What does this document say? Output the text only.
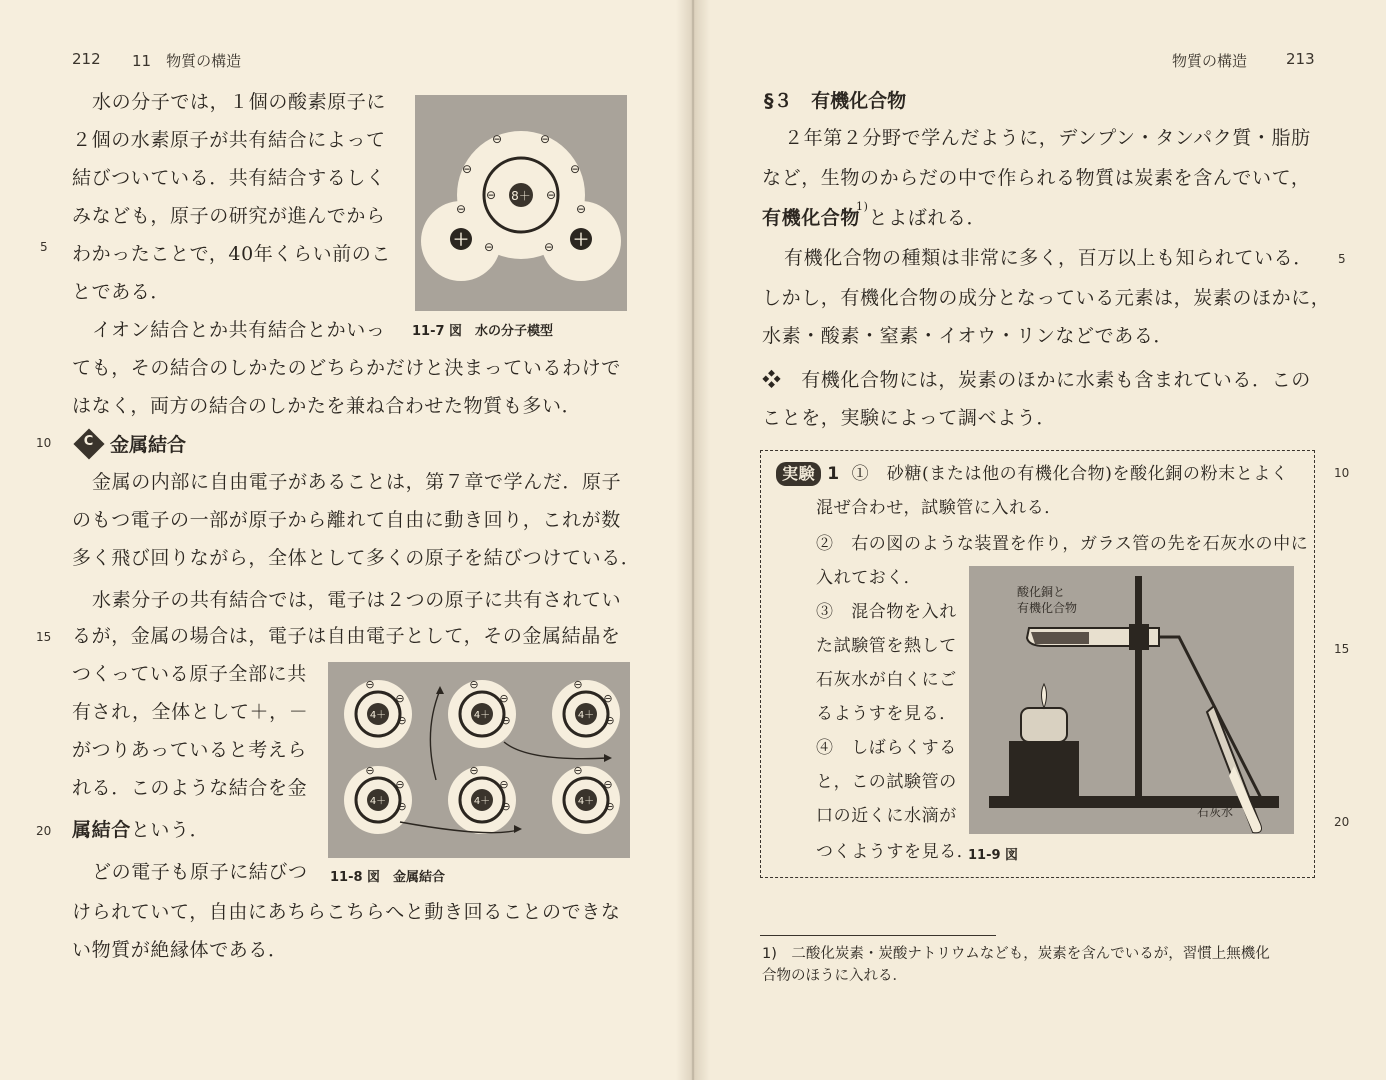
212 11　物質の構造
5
10
15
20
水の分子では，１個の酸素原子に
２個の水素原子が共有結合によって
結びついている．共有結合するしく
みなども，原子の研究が進んでから
わかったことで，40年くらい前のこ
とである．
8＋
＋	＋
⊖	⊖
⊖	⊖
⊖	⊖
⊖	⊖
⊖	⊖
11-7 図　水の分子模型
イオン結合とか共有結合とかいっ
ても，その結合のしかたのどちらかだけと決まっているわけで
はなく，両方の結合のしかたを兼ね合わせた物質も多い．
C 金属結合
金属の内部に自由電子があることは，第７章で学んだ．原子
のもつ電子の一部が原子から離れて自由に動き回り，これが数
多く飛び回りながら，全体として多くの原子を結びつけている．
水素分子の共有結合では，電子は２つの原子に共有されてい
るが，金属の場合は，電子は自由電子として，その金属結晶を
つくっている原子全部に共
有され，全体として＋，－
がつりあっていると考えら
れる．このような結合を金
属結合という．
4＋
⊖
⊖
⊖	4＋
⊖
⊖
⊖	4＋
⊖
⊖
⊖
4＋
⊖
⊖
⊖	4＋
⊖
⊖
⊖	4＋
⊖
⊖
⊖
11-8 図　金属結合
どの電子も原子に結びつ
けられていて，自由にあちらこちらへと動き回ることのできな
い物質が絶縁体である．
物質の構造	213
5
10
15
20
§３ 有機化合物
２年第２分野で学んだように，デンプン・タンパク質・脂肪
など，生物のからだの中で作られる物質は炭素を含んでいて，
有機化合物$^{1)}$とよばれる．
有機化合物の種類は非常に多く，百万以上も知られている．
しかし，有機化合物の成分となっている元素は，炭素のほかに，
水素・酸素・窒素・イオウ・リンなどである．
❖　有機化合物には，炭素のほかに水素も含まれている．この
ことを，実験によって調べよう．
実験 1 ①　砂糖(または他の有機化合物)を酸化銅の粉末とよく
混ぜ合わせ，試験管に入れる．
②　右の図のような装置を作り，ガラス管の先を石灰水の中に
入れておく．
③　混合物を入れ
た試験管を熱して
石灰水が白くにご
るようすを見る．
④　しばらくする
と，この試験管の
口の近くに水滴が
つくようすを見る．
11-9 図
酸化銅と
有機化合物
石灰水
1)　二酸化炭素・炭酸ナトリウムなども，炭素を含んでいるが，習慣上無機化
合物のほうに入れる．
